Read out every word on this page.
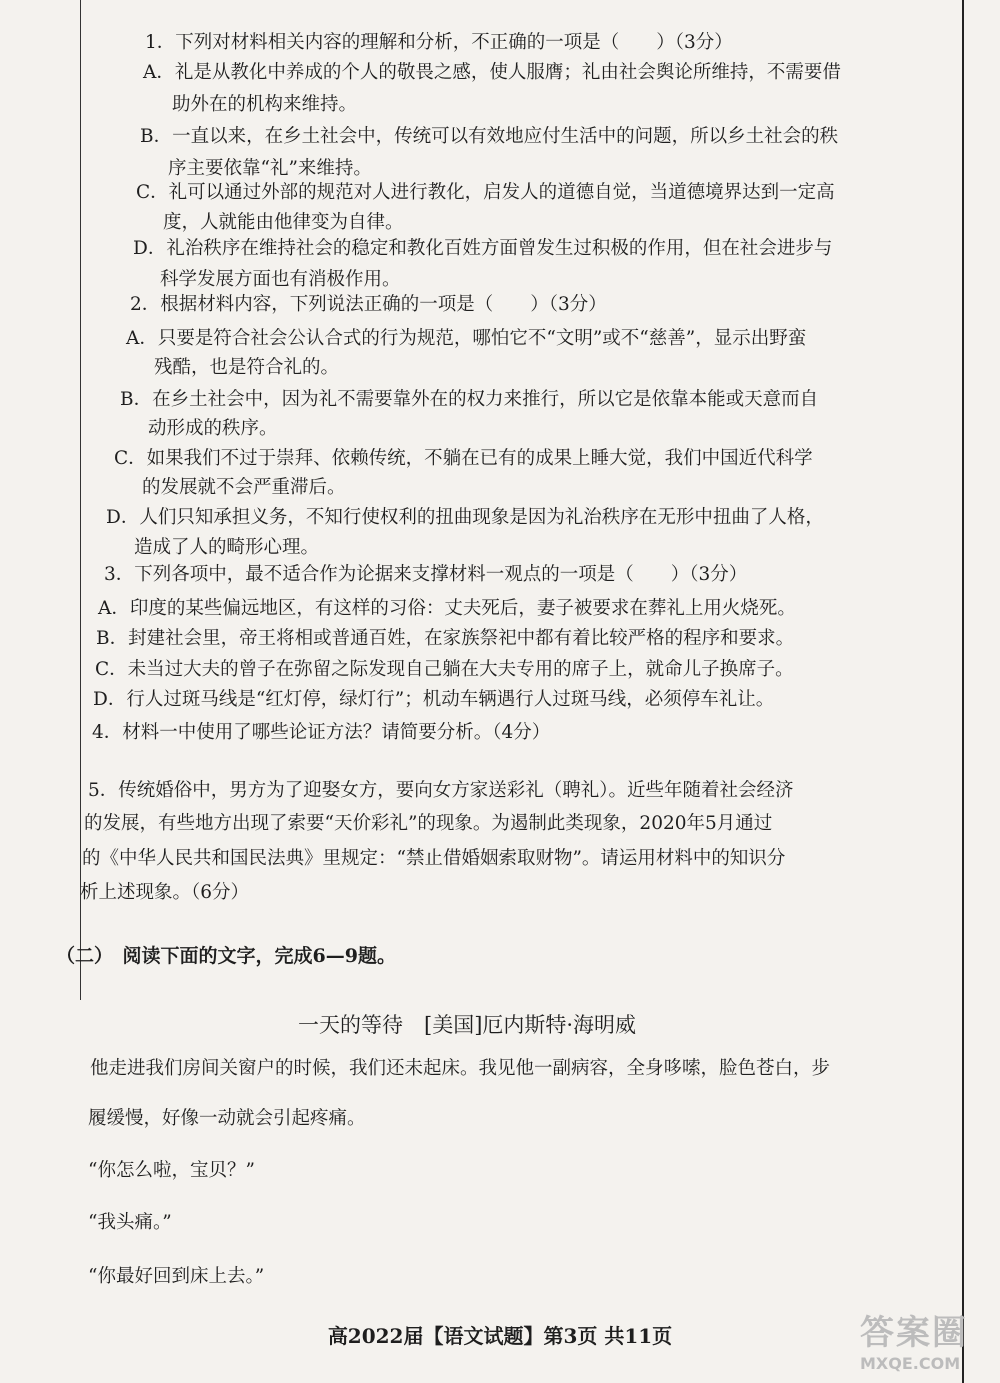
1．下列对材料相关内容的理解和分析，不正确的一项是（　　）（3分）
A．礼是从教化中养成的个人的敬畏之感，使人服膺；礼由社会舆论所维持，不需要借
助外在的机构来维持。
B．一直以来，在乡土社会中，传统可以有效地应付生活中的问题，所以乡土社会的秩
序主要依靠“礼”来维持。
C．礼可以通过外部的规范对人进行教化，启发人的道德自觉，当道德境界达到一定高
度，人就能由他律变为自律。
D．礼治秩序在维持社会的稳定和教化百姓方面曾发生过积极的作用，但在社会进步与
科学发展方面也有消极作用。
2．根据材料内容，下列说法正确的一项是（　　）（3分）
A．只要是符合社会公认合式的行为规范，哪怕它不“文明”或不“慈善”，显示出野蛮
残酷，也是符合礼的。
B．在乡土社会中，因为礼不需要靠外在的权力来推行，所以它是依靠本能或天意而自
动形成的秩序。
C．如果我们不过于崇拜、依赖传统，不躺在已有的成果上睡大觉，我们中国近代科学
的发展就不会严重滞后。
D．人们只知承担义务，不知行使权利的扭曲现象是因为礼治秩序在无形中扭曲了人格，
造成了人的畸形心理。
3．下列各项中，最不适合作为论据来支撑材料一观点的一项是（　　）（3分）
A．印度的某些偏远地区，有这样的习俗：丈夫死后，妻子被要求在葬礼上用火烧死。
B．封建社会里，帝王将相或普通百姓，在家族祭祀中都有着比较严格的程序和要求。
C．未当过大夫的曾子在弥留之际发现自己躺在大夫专用的席子上，就命儿子换席子。
D．行人过斑马线是“红灯停，绿灯行”；机动车辆遇行人过斑马线，必须停车礼让。
4．材料一中使用了哪些论证方法？请简要分析。（4分）
5．传统婚俗中，男方为了迎娶女方，要向女方家送彩礼（聘礼）。近些年随着社会经济
的发展，有些地方出现了索要“天价彩礼”的现象。为遏制此类现象，2020年5月通过
的《中华人民共和国民法典》里规定：“禁止借婚姻索取财物”。请运用材料中的知识分
析上述现象。（6分）
（二）　阅读下面的文字，完成6—9题。
一天的等待　[美国]厄内斯特·海明威
他走进我们房间关窗户的时候，我们还未起床。我见他一副病容，全身哆嗦，脸色苍白，步
履缓慢，好像一动就会引起疼痛。
“你怎么啦，宝贝？”
“我头痛。”
“你最好回到床上去。”
高2022届【语文试题】第3页 共11页	答案圈
MXQE.COM
